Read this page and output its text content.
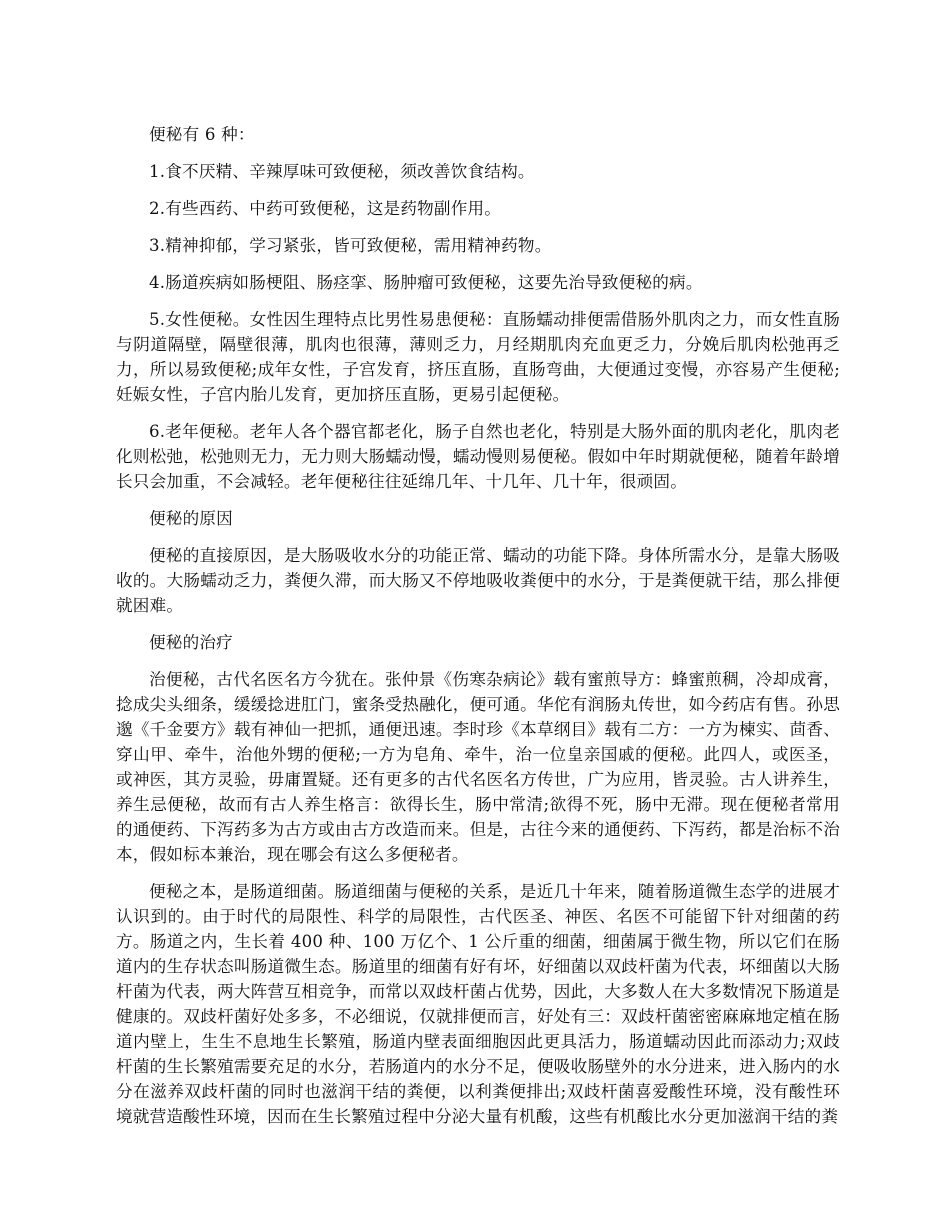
便秘有 6 种：

1.食不厌精、辛辣厚味可致便秘，须改善饮食结构。

2.有些西药、中药可致便秘，这是药物副作用。

3.精神抑郁，学习紧张，皆可致便秘，需用精神药物。

4.肠道疾病如肠梗阻、肠痉挛、肠肿瘤可致便秘，这要先治导致便秘的病。

5.女性便秘。女性因生理特点比男性易患便秘：直肠蠕动排便需借肠外肌肉之力，而女性直肠与阴道隔壁，隔壁很薄，肌肉也很薄，薄则乏力，月经期肌肉充血更乏力，分娩后肌肉松弛再乏力，所以易致便秘;成年女性，子宫发育，挤压直肠，直肠弯曲，大便通过变慢，亦容易产生便秘;妊娠女性，子宫内胎儿发育，更加挤压直肠，更易引起便秘。

6.老年便秘。老年人各个器官都老化，肠子自然也老化，特别是大肠外面的肌肉老化，肌肉老化则松弛，松弛则无力，无力则大肠蠕动慢，蠕动慢则易便秘。假如中年时期就便秘，随着年龄增长只会加重，不会减轻。老年便秘往往延绵几年、十几年、几十年，很顽固。

便秘的原因

便秘的直接原因，是大肠吸收水分的功能正常、蠕动的功能下降。身体所需水分，是靠大肠吸收的。大肠蠕动乏力，粪便久滞，而大肠又不停地吸收粪便中的水分，于是粪便就干结，那么排便就困难。

便秘的治疗

治便秘，古代名医名方今犹在。张仲景《伤寒杂病论》载有蜜煎导方：蜂蜜煎稠，冷却成膏，捻成尖头细条，缓缓捻进肛门，蜜条受热融化，便可通。华佗有润肠丸传世，如今药店有售。孙思邈《千金要方》载有神仙一把抓，通便迅速。李时珍《本草纲目》载有二方：一方为楝实、茴香、穿山甲、牵牛，治他外甥的便秘;一方为皂角、牵牛，治一位皇亲国戚的便秘。此四人，或医圣，或神医，其方灵验，毋庸置疑。还有更多的古代名医名方传世，广为应用，皆灵验。古人讲养生，养生忌便秘，故而有古人养生格言：欲得长生，肠中常清;欲得不死，肠中无滞。现在便秘者常用的通便药、下泻药多为古方或由古方改造而来。但是，古往今来的通便药、下泻药，都是治标不治本，假如标本兼治，现在哪会有这么多便秘者。

便秘之本，是肠道细菌。肠道细菌与便秘的关系，是近几十年来，随着肠道微生态学的进展才认识到的。由于时代的局限性、科学的局限性，古代医圣、神医、名医不可能留下针对细菌的药方。肠道之内，生长着 400 种、100 万亿个、1 公斤重的细菌，细菌属于微生物，所以它们在肠道内的生存状态叫肠道微生态。肠道里的细菌有好有坏，好细菌以双歧杆菌为代表，坏细菌以大肠杆菌为代表，两大阵营互相竞争，而常以双歧杆菌占优势，因此，大多数人在大多数情况下肠道是健康的。双歧杆菌好处多多，不必细说，仅就排便而言，好处有三：双歧杆菌密密麻麻地定植在肠道内壁上，生生不息地生长繁殖，肠道内壁表面细胞因此更具活力，肠道蠕动因此而添动力;双歧杆菌的生长繁殖需要充足的水分，若肠道内的水分不足，便吸收肠壁外的水分进来，进入肠内的水分在滋养双歧杆菌的同时也滋润干结的粪便，以利粪便排出;双歧杆菌喜爱酸性环境，没有酸性环境就营造酸性环境，因而在生长繁殖过程中分泌大量有机酸，这些有机酸比水分更加滋润干结的粪
